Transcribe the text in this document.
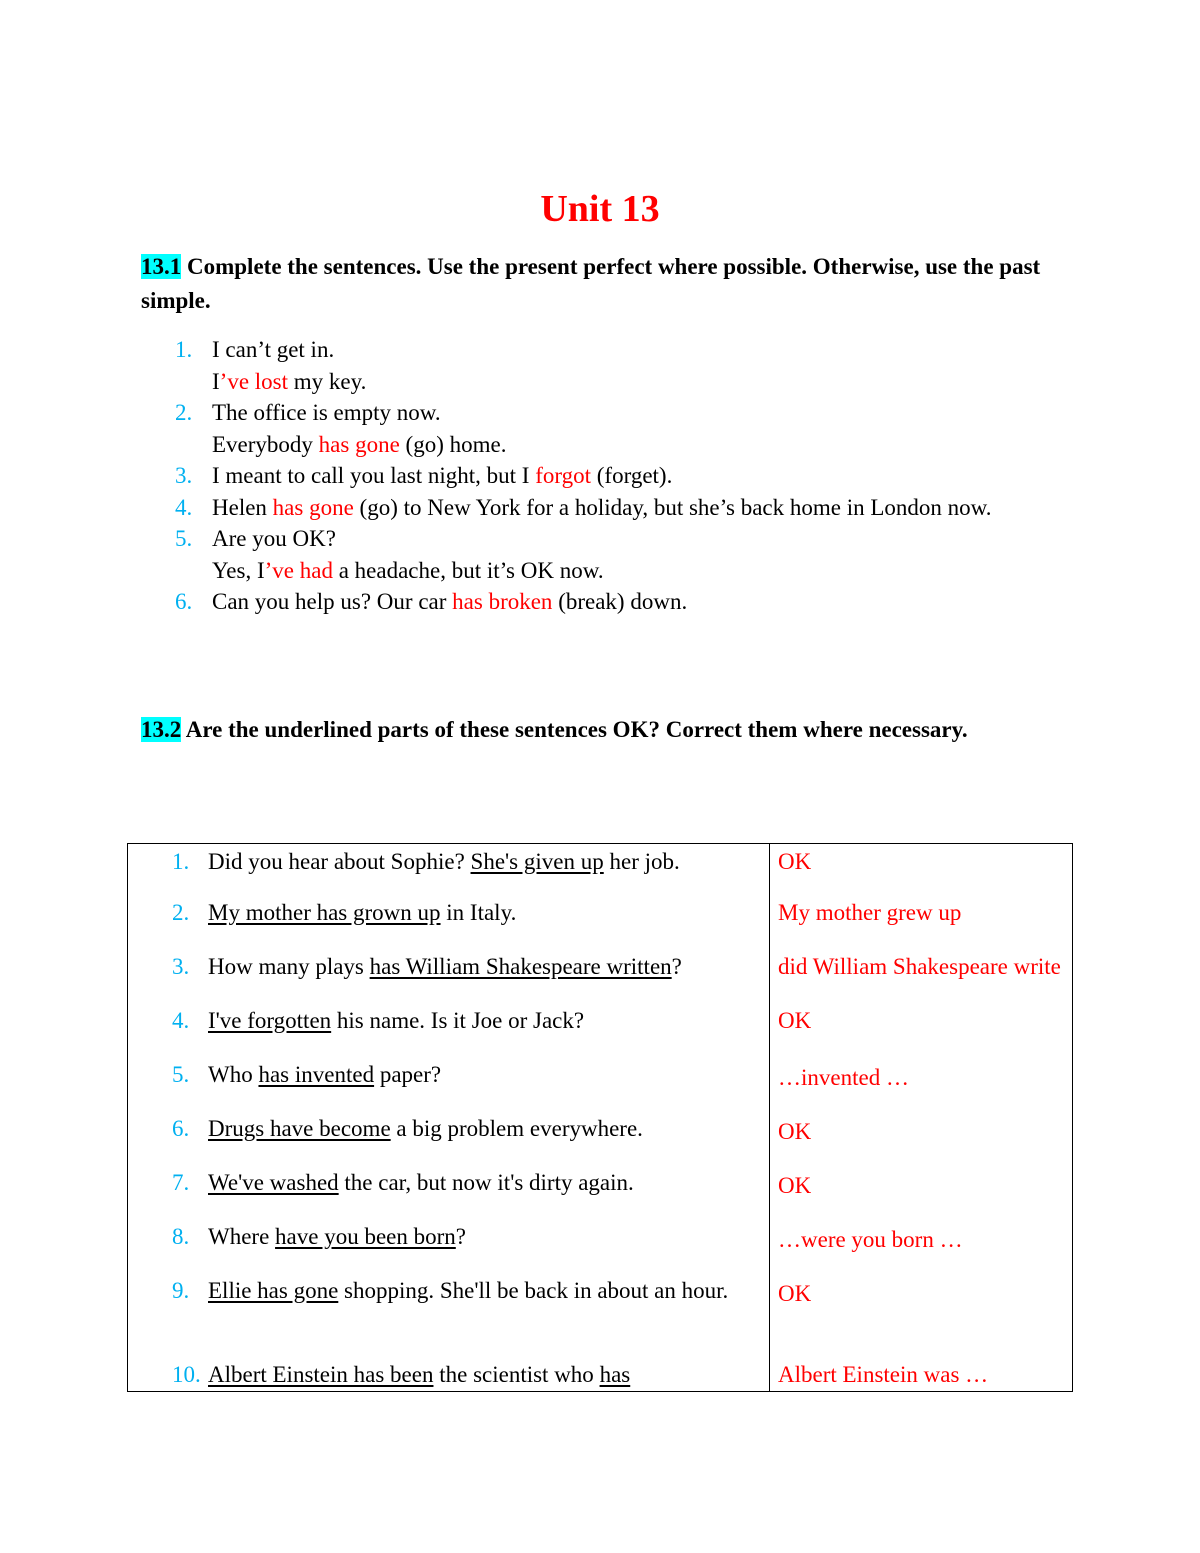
Unit 13
13.1 Complete the sentences. Use the present perfect where possible. Otherwise, use the past simple.
1. I can’t get in.
I’ve lost my key.
2. The office is empty now.
Everybody has gone (go) home.
3. I meant to call you last night, but I forgot (forget).
4. Helen has gone (go) to New York for a holiday, but she’s back home in London now.
5. Are you OK?
Yes, I’ve had a headache, but it’s OK now.
6. Can you help us? Our car has broken (break) down.
13.2 Are the underlined parts of these sentences OK? Correct them where necessary.
1. Did you hear about Sophie? She's given up her job.	OK

2. My mother has grown up in Italy.	My mother grew up

3. How many plays has William Shakespeare written?	did William Shakespeare write

4. I've forgotten his name. Is it Joe or Jack?	OK

5. Who has invented paper?	…invented …

6. Drugs have become a big problem everywhere.	OK

7. We've washed the car, but now it's dirty again.	OK

8. Where have you been born?	…were you born …

9. Ellie has gone shopping. She'll be back in about an hour.	OK

10. Albert Einstein has been the scientist who has	Albert Einstein was …
